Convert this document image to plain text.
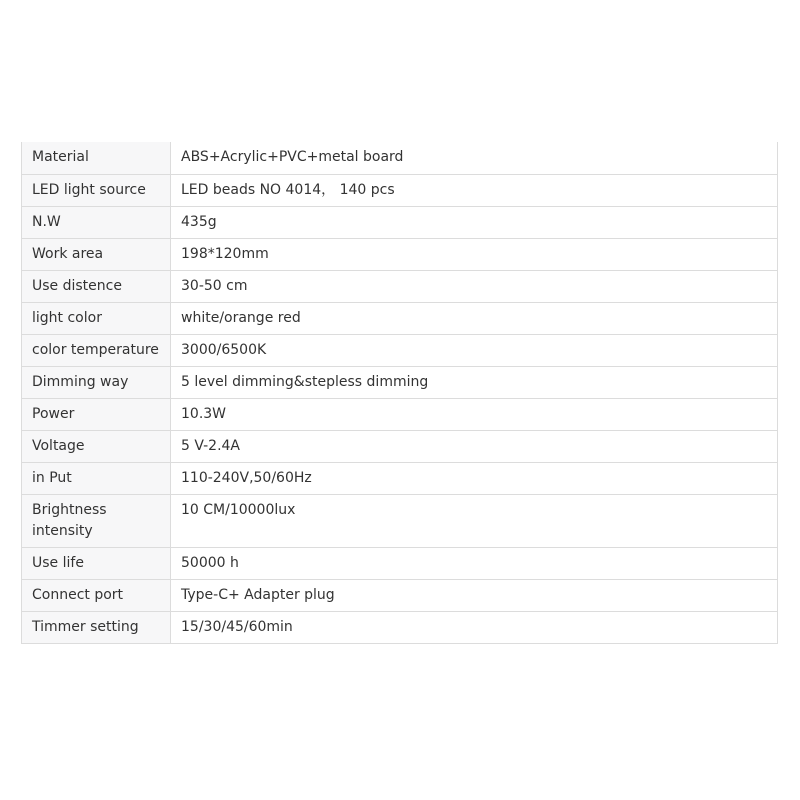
Material	ABS+Acrylic+PVC+metal board
LED light source	LED beads NO 4014， 140 pcs
N.W	435g
Work area	198*120mm
Use distence	30-50 cm
light color	white/orange red
color temperature	3000/6500K
Dimming way	5 level dimming&stepless dimming
Power	10.3W
Voltage	5 V-2.4A
in Put	110-240V,50/60Hz
Brightness intensity	10 CM/10000lux
Use life	50000 h
Connect port	Type-C+ Adapter plug
Timmer setting	15/30/45/60min
